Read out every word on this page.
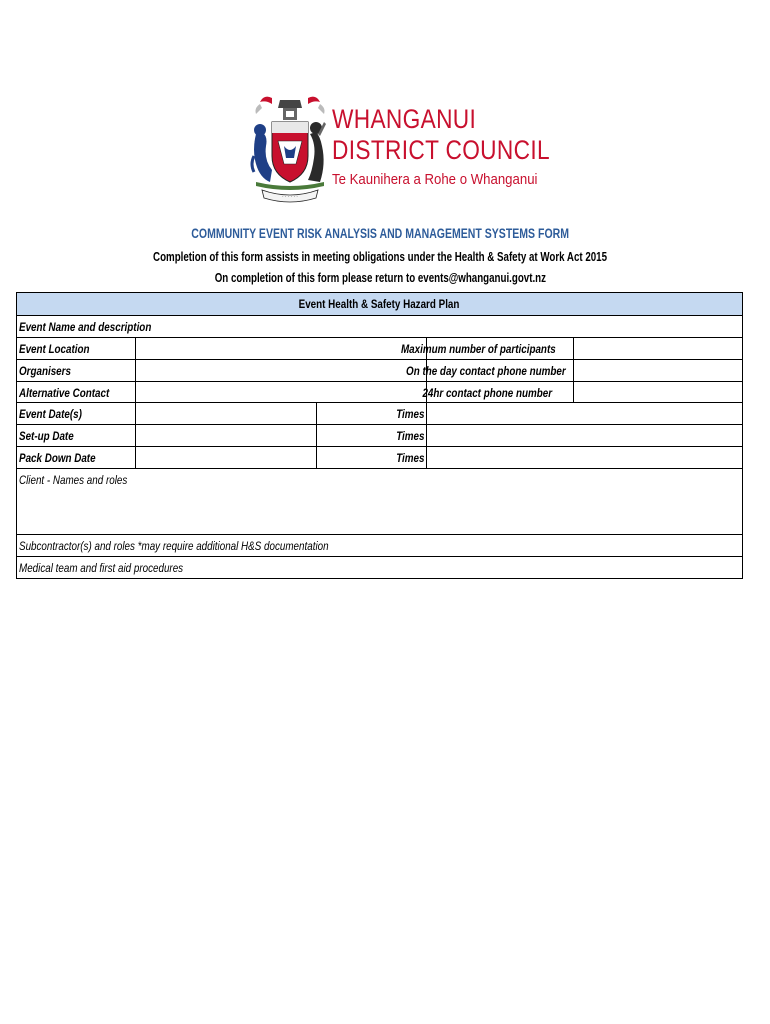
· · · · · ·
WHANGANUI
DISTRICT COUNCIL
Te Kaunihera a Rohe o Whanganui
COMMUNITY EVENT RISK ANALYSIS AND MANAGEMENT SYSTEMS FORM
Completion of this form assists in meeting obligations under the Health & Safety at Work Act 2015
On completion of this form please return to events@whanganui.govt.nz
Event Health & Safety Hazard Plan
Event Name and description
Event Location	Maximum number of participants
Organisers	On the day contact phone number
Alternative Contact	24hr contact phone number
Event Date(s)	Times
Set-up Date	Times
Pack Down Date	Times
Client - Names and roles
Subcontractor(s) and roles *may require additional H&S documentation
Medical team and first aid procedures
